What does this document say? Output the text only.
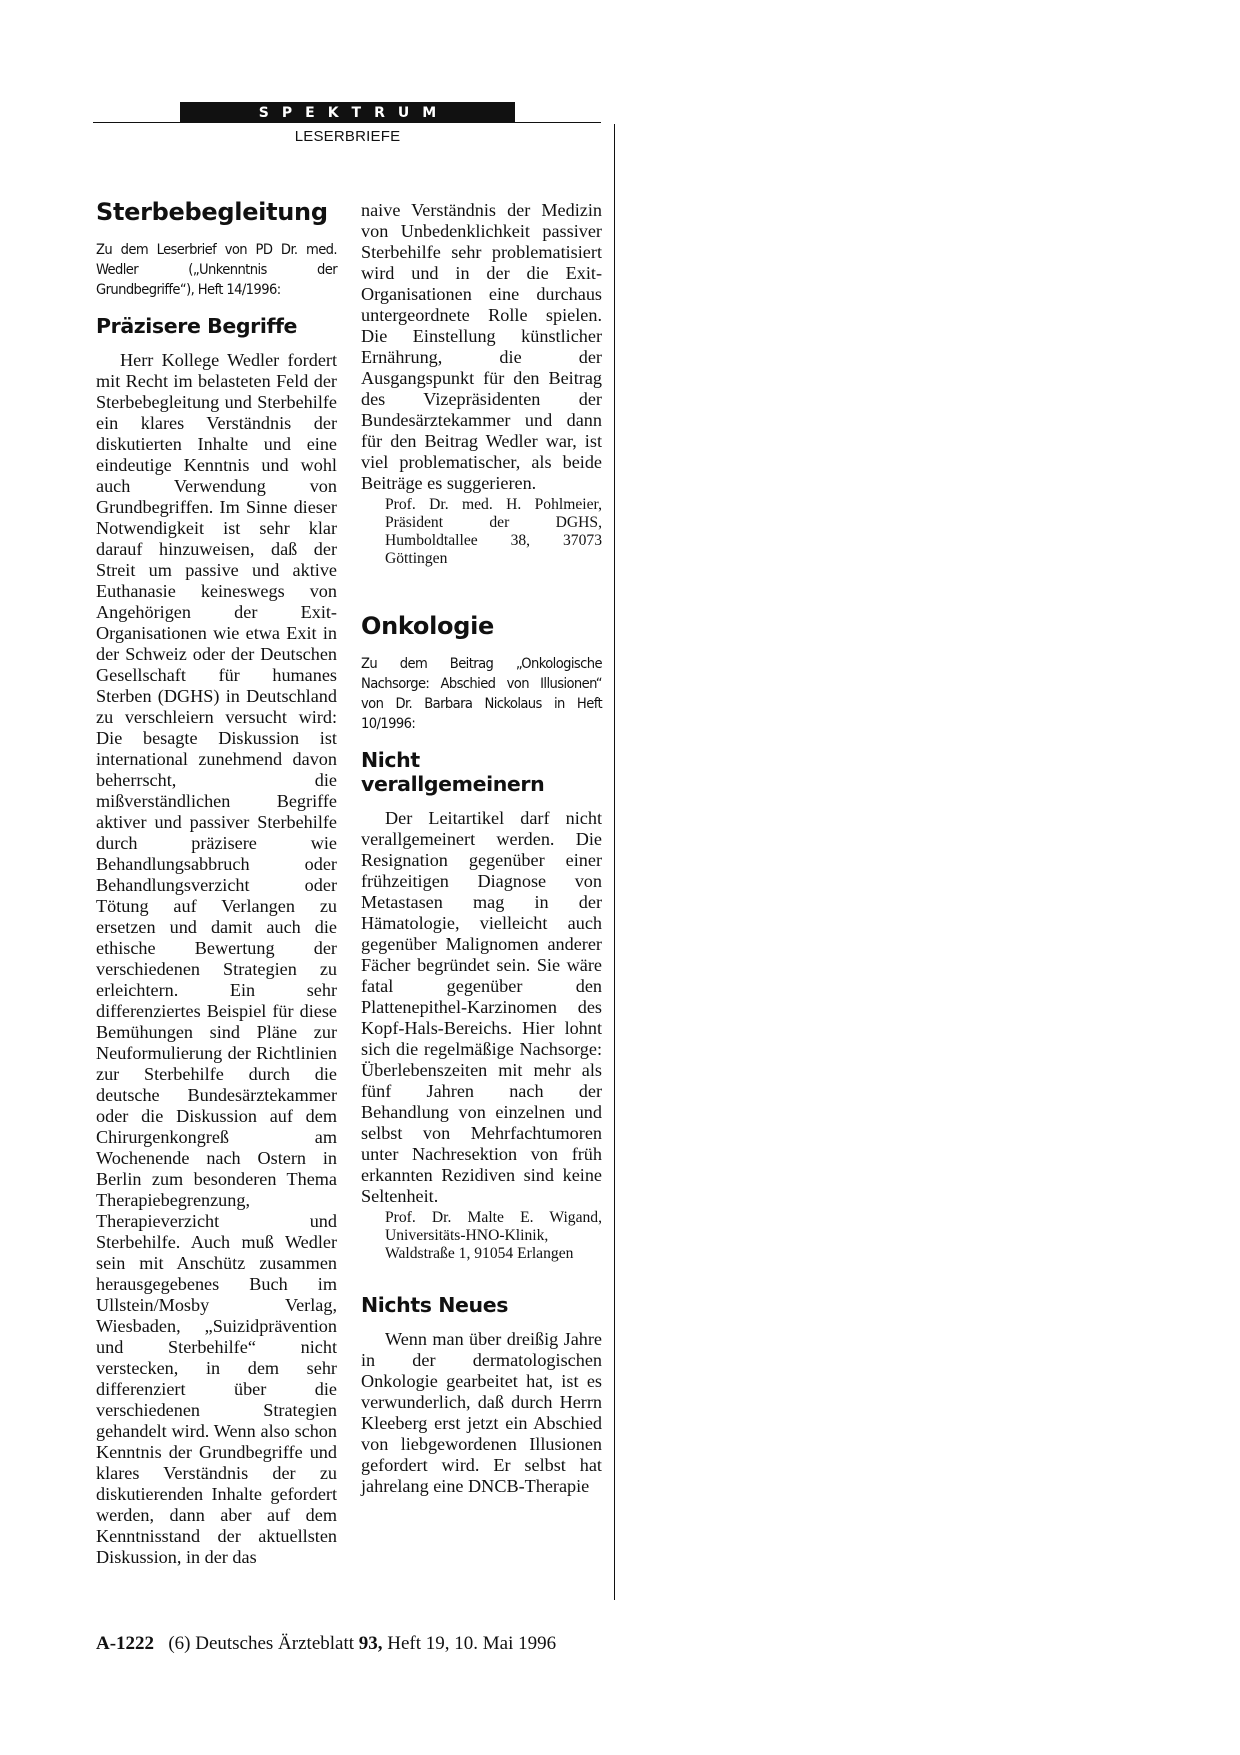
SPEKTRUM
LESERBRIEFE
Sterbebegleitung
Zu dem Leserbrief von PD Dr. med. Wedler („Unkenntnis der Grundbegriffe“), Heft 14/1996:
Präzisere Begriffe

Herr Kollege Wedler fordert mit Recht im belasteten Feld der Sterbebegleitung und Sterbehilfe ein klares Verständnis der diskutierten Inhalte und eine eindeutige Kenntnis und wohl auch Verwendung von Grundbegriffen. Im Sinne dieser Notwendigkeit ist sehr klar darauf hinzuweisen, daß der Streit um passive und aktive Euthanasie keineswegs von Angehörigen der Exit-Organisationen wie etwa Exit in der Schweiz oder der Deutschen Gesellschaft für humanes Sterben (DGHS) in Deutschland zu verschleiern versucht wird: Die besagte Diskussion ist international zunehmend davon beherrscht, die mißverständlichen Begriffe aktiver und passiver Sterbehilfe durch präzisere wie Behandlungsabbruch oder Behandlungsverzicht oder Tötung auf Verlangen zu ersetzen und damit auch die ethische Bewertung der verschiedenen Strategien zu erleichtern. Ein sehr differenziertes Beispiel für diese Bemühungen sind Pläne zur Neuformulierung der Richtlinien zur Sterbehilfe durch die deutsche Bundesärztekammer oder die Diskussion auf dem Chirurgenkongreß am Wochenende nach Ostern in Berlin zum besonderen Thema Therapiebegrenzung, Therapieverzicht und Sterbehilfe. Auch muß Wedler sein mit Anschütz zusammen herausgegebenes Buch im Ullstein/Mosby Verlag, Wiesbaden, „Suizidprävention und Sterbehilfe“ nicht verstecken, in dem sehr differenziert über die verschiedenen Strategien gehandelt wird. Wenn also schon Kenntnis der Grundbegriffe und klares Verständnis der zu diskutierenden Inhalte gefordert werden, dann aber auf dem Kenntnisstand der aktuellsten Diskussion, in der das

naive Verständnis der Medizin von Unbedenklichkeit passiver Sterbehilfe sehr problematisiert wird und in der die Exit-Organisationen eine durchaus untergeordnete Rolle spielen. Die Einstellung künstlicher Ernährung, die der Ausgangspunkt für den Beitrag des Vizepräsidenten der Bundesärztekammer und dann für den Beitrag Wedler war, ist viel problematischer, als beide Beiträge es suggerieren.

Prof. Dr. med. H. Pohlmeier, Präsident der DGHS, Humboldtallee 38, 37073 Göttingen

Onkologie
Zu dem Beitrag „Onkologische Nachsorge: Abschied von Illusionen“ von Dr. Barbara Nickolaus in Heft 10/1996:
Nicht verallgemeinern

Der Leitartikel darf nicht verallgemeinert werden. Die Resignation gegenüber einer frühzeitigen Diagnose von Metastasen mag in der Hämatologie, vielleicht auch gegenüber Malignomen anderer Fächer begründet sein. Sie wäre fatal gegenüber den Plattenepithel-Karzinomen des Kopf-Hals-Bereichs. Hier lohnt sich die regelmäßige Nachsorge: Überlebenszeiten mit mehr als fünf Jahren nach der Behandlung von einzelnen und selbst von Mehrfachtumoren unter Nachresektion von früh erkannten Rezidiven sind keine Seltenheit.

Prof. Dr. Malte E. Wigand, Universitäts-HNO-Klinik, Waldstraße 1, 91054 Erlangen

Nichts Neues

Wenn man über dreißig Jahre in der dermatologischen Onkologie gearbeitet hat, ist es verwunderlich, daß durch Herrn Kleeberg erst jetzt ein Abschied von liebgewordenen Illusionen gefordert wird. Er selbst hat jahrelang eine DNCB-Therapie

A-1222 (6) Deutsches Ärzteblatt 93, Heft 19, 10. Mai 1996
